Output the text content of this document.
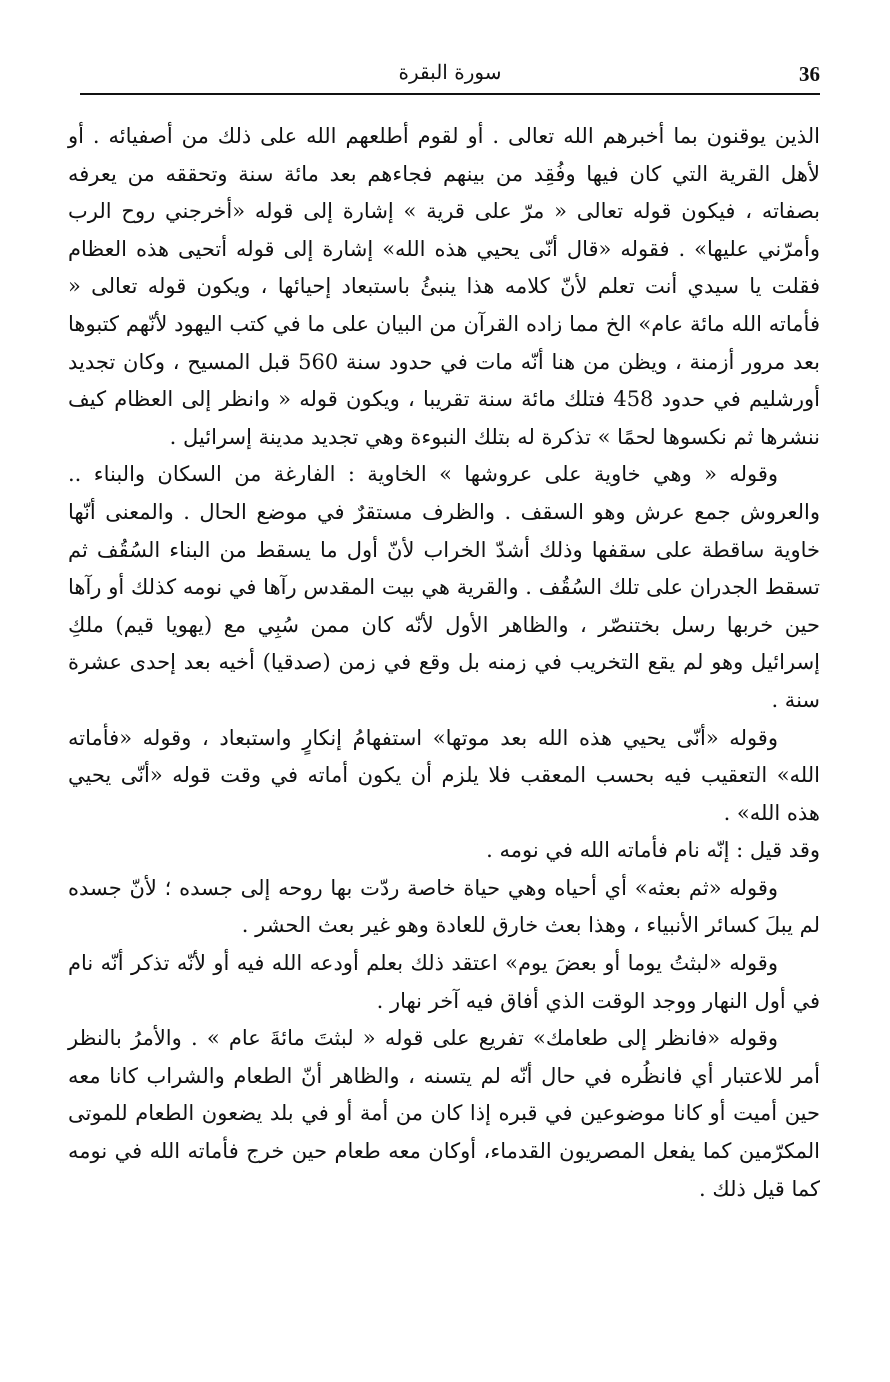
36
سورة البقرة

الذين يوقنون بما أخبرهم الله تعالى . أو لقوم أطلعهم الله على ذلك من أصفيائه . أو لأهل القرية التي كان فيها وفُقِد من بينهم فجاءهم بعد مائة سنة وتحققه من يعرفه بصفاته ، فيكون قوله تعالى « مرّ على قرية » إشارة إلى قوله «أخرجني روح الرب وأمرّني عليها» . فقوله «قال أنّى يحيي هذه الله» إشارة إلى قوله أتحيى هذه العظام فقلت يا سيدي أنت تعلم لأنّ كلامه هذا ينبئُ باستبعاد إحيائها ، ويكون قوله تعالى « فأماته الله مائة عام» الخ مما زاده القرآن من البيان على ما في كتب اليهود لأنّهم كتبوها بعد مرور أزمنة ، ويظن من هنا أنّه مات في حدود سنة 560 قبل المسيح ، وكان تجديد أورشليم في حدود 458 فتلك مائة سنة تقريبا ، ويكون قوله « وانظر إلى العظام كيف ننشرها ثم نكسوها لحمًا » تذكرة له بتلك النبوءة وهي تجديد مدينة إسرائيل .

وقوله « وهي خاوية على عروشها » الخاوية : الفارغة من السكان والبناء .. والعروش جمع عرش وهو السقف . والظرف مستقرٌ في موضع الحال . والمعنى أنّها خاوية ساقطة على سقفها وذلك أشدّ الخراب لأنّ أول ما يسقط من البناء السُقُف ثم تسقط الجدران على تلك السُقُف . والقرية هي بيت المقدس رآها في نومه كذلك أو رآها حين خربها رسل بختنصّر ، والظاهر الأول لأنّه كان ممن سُبِي مع (يهويا قيم) ملكِ إسرائيل وهو لم يقع التخريب في زمنه بل وقع في زمن (صدقيا) أخيه بعد إحدى عشرة سنة .

وقوله «أنّى يحيي هذه الله بعد موتها» استفهامُ إنكارٍ واستبعاد ، وقوله «فأماته الله» التعقيب فيه بحسب المعقب فلا يلزم أن يكون أماته في وقت قوله «أنّى يحيي هذه الله» .

وقد قيل : إنّه نام فأماته الله في نومه .

وقوله «ثم بعثه» أي أحياه وهي حياة خاصة ردّت بها روحه إلى جسده ؛ لأنّ جسده لم يبلَ كسائر الأنبياء ، وهذا بعث خارق للعادة وهو غير بعث الحشر .

وقوله «لبثتُ يوما أو بعضَ يوم» اعتقد ذلك بعلم أودعه الله فيه أو لأنّه تذكر أنّه نام في أول النهار ووجد الوقت الذي أفاق فيه آخر نهار .

وقوله «فانظر إلى طعامك» تفريع على قوله « لبثتَ مائةَ عام » . والأمرُ بالنظر أمر للاعتبار أي فانظُره في حال أنّه لم يتسنه ، والظاهر أنّ الطعام والشراب كانا معه حين أميت أو كانا موضوعين في قبره إذا كان من أمة أو في بلد يضعون الطعام للموتى المكرّمين كما يفعل المصريون القدماء، أوكان معه طعام حين خرج فأماته الله في نومه كما قيل ذلك .
